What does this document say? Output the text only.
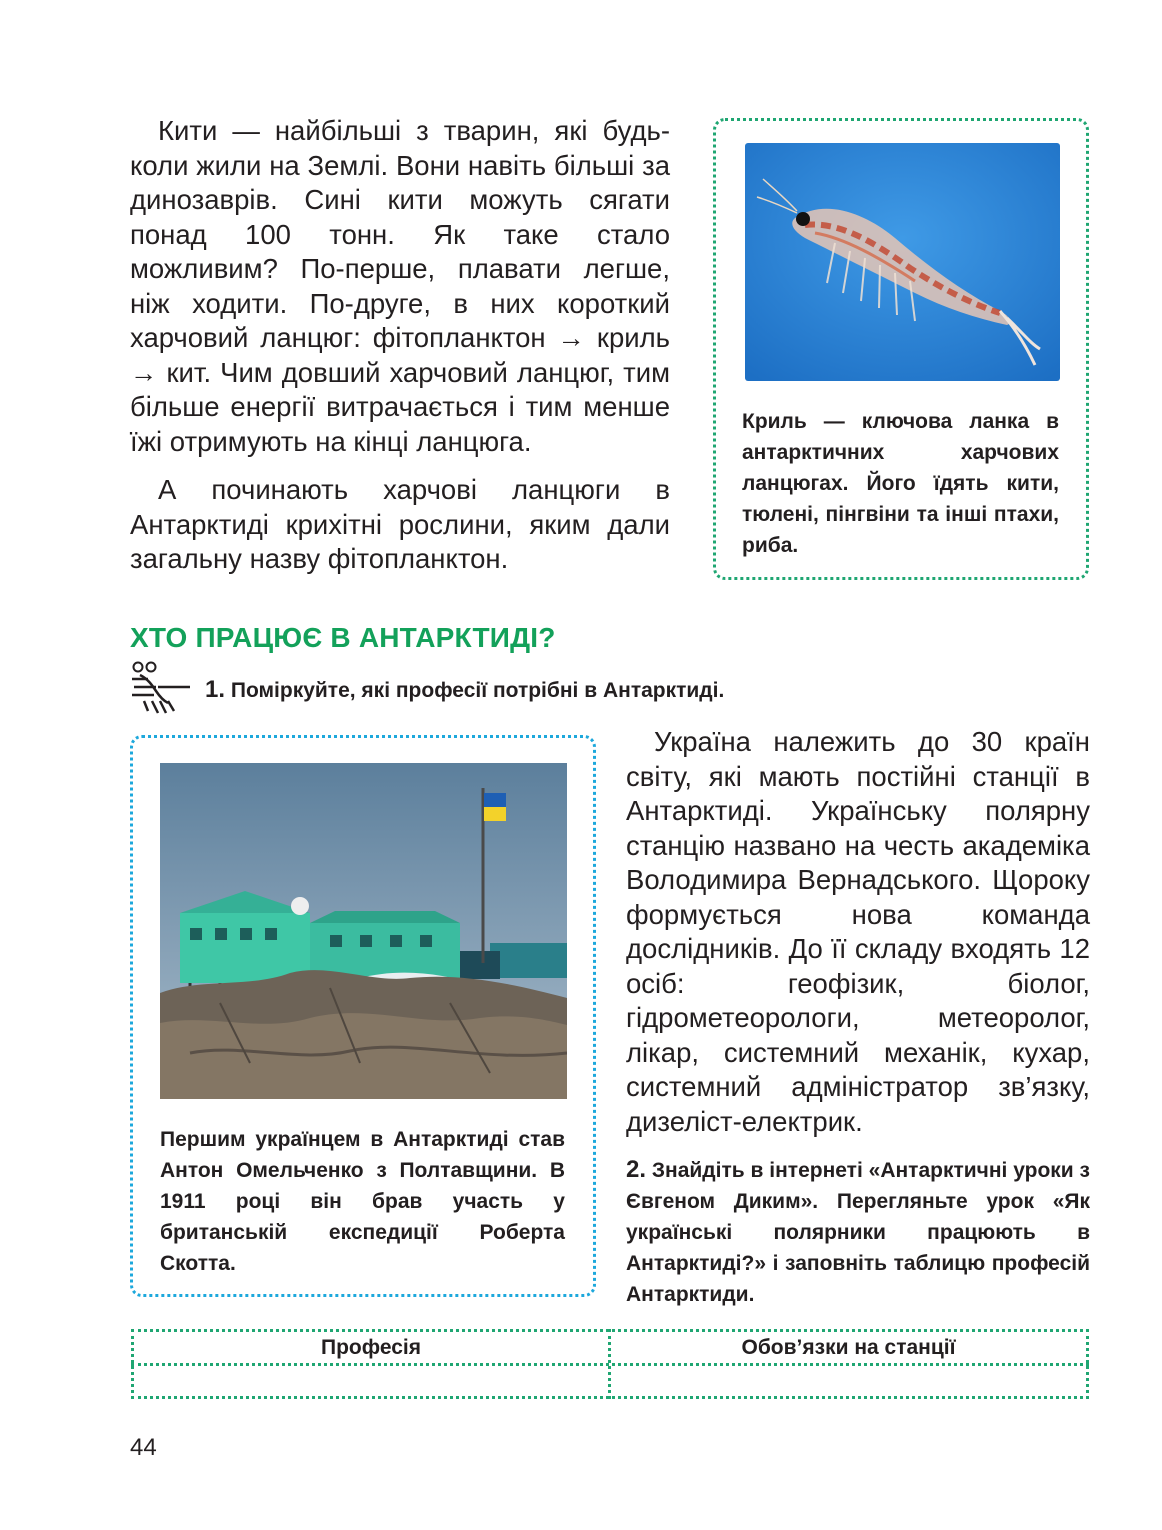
Кити — найбільші з тварин, які будь-коли жили на Землі. Вони навіть більші за динозаврів. Сині кити можуть сягати понад 100 тонн. Як таке стало можливим? По-перше, плавати легше, ніж ходити. По-друге, в них короткий харчовий ланцюг: фітопланктон → криль → кит. Чим довший харчовий ланцюг, тим більше енергії витрачається і тим менше їжі отримують на кінці ланцюга.

А починають харчові ланцюги в Антарктиді крихітні рослини, яким дали загальну назву фітопланктон.

Криль — ключова ланка в антарктичних харчових ланцюгах. Його їдять кити, тюлені, пінгвіни та інші птахи, риба.
ХТО ПРАЦЮЄ В АНТАРКТИДІ?
1. Поміркуйте, які професії потрібні в Антарктиді.
Першим українцем в Антарктиді став Антон Омельченко з Полтавщини. В 1911 році він брав участь у британській експедиції Роберта Скотта.

Україна належить до 30 країн світу, які мають постійні станції в Антарктиді. Українську полярну станцію названо на честь академіка Володимира Вернадського. Щороку формується нова команда дослідників. До її складу входять 12 осіб: геофізик, біолог, гідрометеорологи, метеоролог, лікар, системний механік, кухар, системний адміністратор зв’язку, дизеліст-електрик.

2. Знайдіть в інтернеті «Антарктичні уроки з Євгеном Диким». Перегляньте урок «Як українські полярники працюють в Антарктиді?» і заповніть таблицю професій Антарктиди.
Професія	Обов’язки на станції
44
